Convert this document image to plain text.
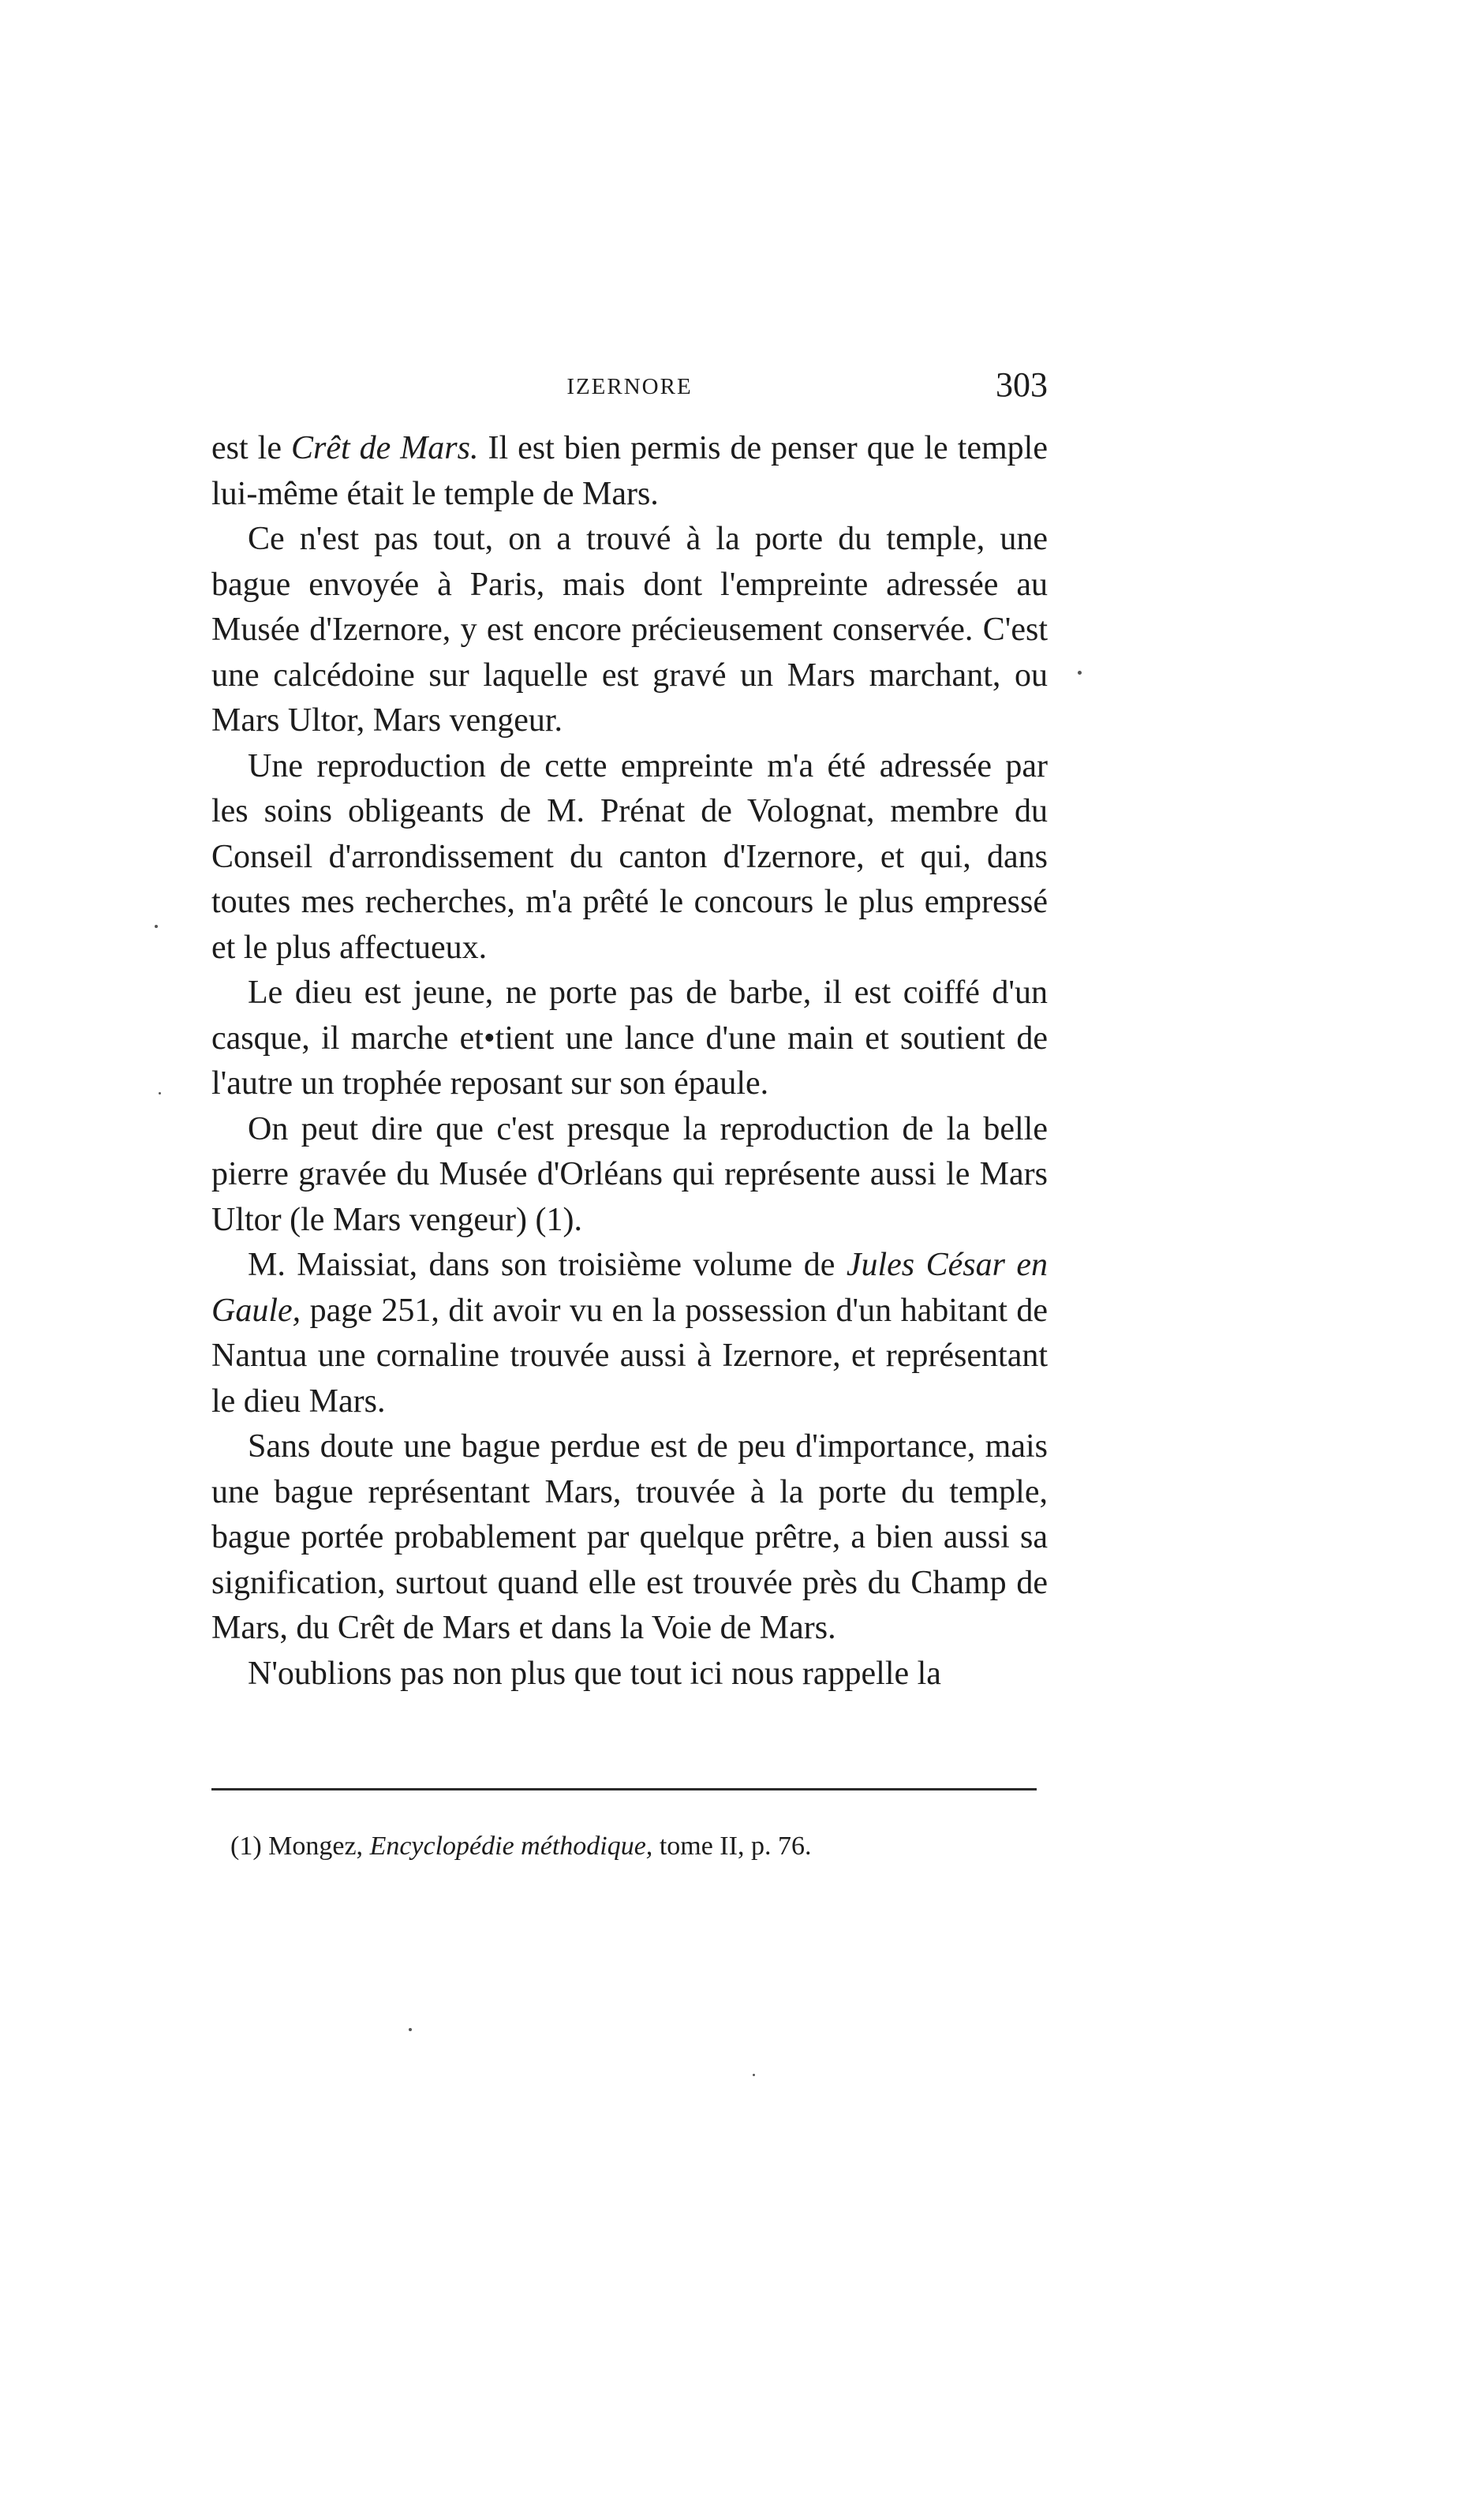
IZERNORE	303

est le Crêt de Mars. Il est bien permis de penser que le temple lui-même était le temple de Mars.

Ce n'est pas tout, on a trouvé à la porte du temple, une bague envoyée à Paris, mais dont l'empreinte adressée au Musée d'Izernore, y est encore précieusement conservée. C'est une calcédoine sur laquelle est gravé un Mars marchant, ou Mars Ultor, Mars vengeur.

Une reproduction de cette empreinte m'a été adressée par les soins obligeants de M. Prénat de Volognat, membre du Conseil d'arrondissement du canton d'Izernore, et qui, dans toutes mes recherches, m'a prêté le concours le plus empressé et le plus affectueux.

Le dieu est jeune, ne porte pas de barbe, il est coiffé d'un casque, il marche et•tient une lance d'une main et soutient de l'autre un trophée reposant sur son épaule.

On peut dire que c'est presque la reproduction de la belle pierre gravée du Musée d'Orléans qui représente aussi le Mars Ultor (le Mars vengeur) (1).

M. Maissiat, dans son troisième volume de Jules César en Gaule, page 251, dit avoir vu en la possession d'un habitant de Nantua une cornaline trouvée aussi à Izernore, et représentant le dieu Mars.

Sans doute une bague perdue est de peu d'importance, mais une bague représentant Mars, trouvée à la porte du temple, bague portée probablement par quelque prêtre, a bien aussi sa signification, surtout quand elle est trouvée près du Champ de Mars, du Crêt de Mars et dans la Voie de Mars.

N'oublions pas non plus que tout ici nous rappelle la

(1) Mongez, Encyclopédie méthodique, tome II, p. 76.
